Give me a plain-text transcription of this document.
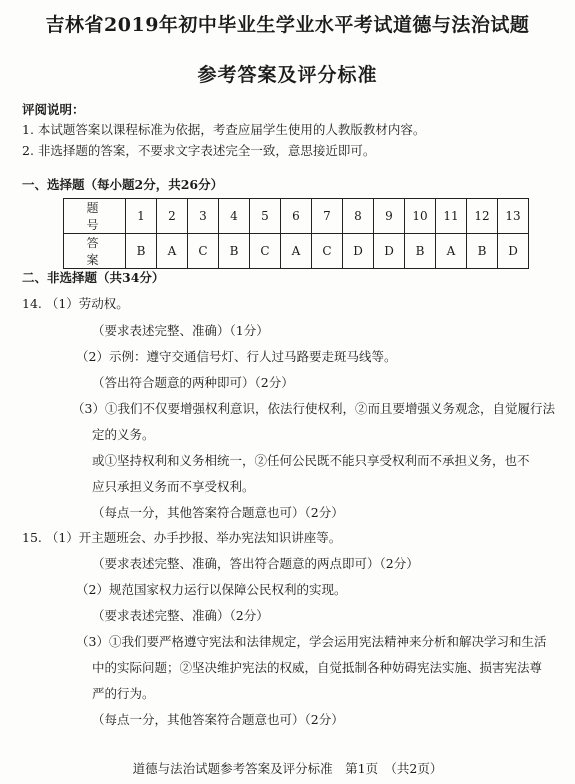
吉林省2019年初中毕业生学业水平考试道德与法治试题
参考答案及评分标准
评阅说明：
1. 本试题答案以课程标准为依据，考查应届学生使用的人教版教材内容。
2. 非选择题的答案，不要求文字表述完全一致，意思接近即可。
一、选择题（每小题2分，共26分）
题　号	1	2	3	4	5	6	7	8	9	10	11	12	13
答　案	B	A	C	B	C	A	C	D	D	B	A	B	D
二、非选择题（共34分）
14. （1）劳动权。
（要求表述完整、准确）（1分）
（2）示例：遵守交通信号灯、行人过马路要走斑马线等。
（答出符合题意的两种即可）（2分）
（3）①我们不仅要增强权利意识，依法行使权利，②而且要增强义务观念，自觉履行法
定的义务。
或①坚持权利和义务相统一，②任何公民既不能只享受权利而不承担义务，也不
应只承担义务而不享受权利。
（每点一分，其他答案符合题意也可）（2分）
15. （1）开主题班会、办手抄报、举办宪法知识讲座等。
（要求表述完整、准确，答出符合题意的两点即可）（2分）
（2）规范国家权力运行以保障公民权利的实现。
（要求表述完整、准确）（2分）
（3）①我们要严格遵守宪法和法律规定，学会运用宪法精神来分析和解决学习和生活
中的实际问题；②坚决维护宪法的权威，自觉抵制各种妨碍宪法实施、损害宪法尊
严的行为。
（每点一分，其他答案符合题意也可）（2分）
道德与法治试题参考答案及评分标准　第1页　（共2页）
